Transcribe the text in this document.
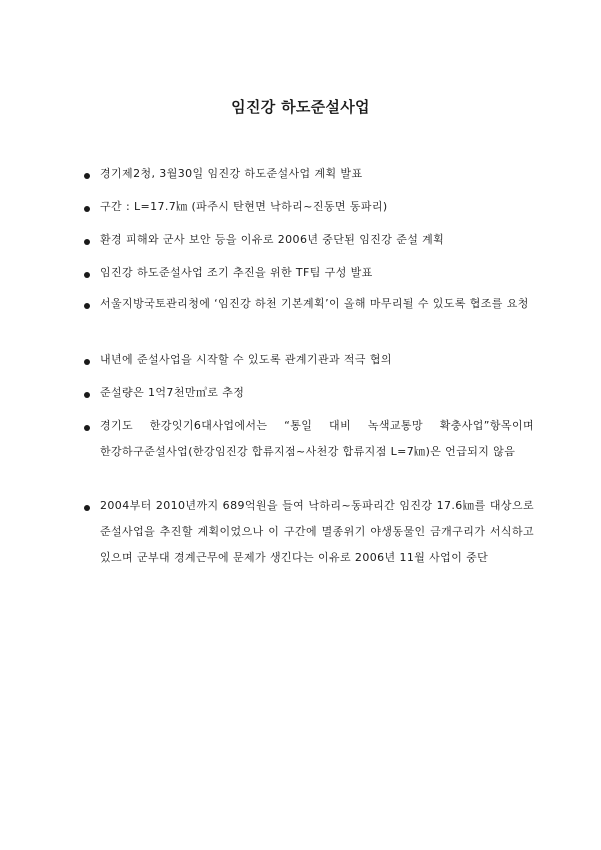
임진강 하도준설사업
경기제2청, 3월30일 임진강 하도준설사업 계획 발표
구간 : L=17.7㎞ (파주시 탄현면 낙하리~진동면 동파리)
환경 피해와 군사 보안 등을 이유로 2006년 중단된 임진강 준설 계획
임진강 하도준설사업 조기 추진을 위한 TF팀 구성 발표
서울지방국토관리청에 ‘임진강 하천 기본계획’이 올해 마무리될 수 있도록 협조를 요청
내년에 준설사업을 시작할 수 있도록 관계기관과 적극 협의
준설량은 1억7천만㎥로 추정
경기도 한강잇기6대사업에서는 “통일 대비 녹색교통망 확충사업”항목이며 한강하구준설사업(한강임진강 합류지점~사천강 합류지점 L=7㎞)은 언급되지 않음
2004부터 2010년까지 689억원을 들여 낙하리~동파리간 임진강 17.6㎞를 대상으로 준설사업을 추진할 계획이었으나 이 구간에 멸종위기 야생동물인 금개구리가 서식하고 있으며 군부대 경계근무에 문제가 생긴다는 이유로 2006년 11월 사업이 중단
